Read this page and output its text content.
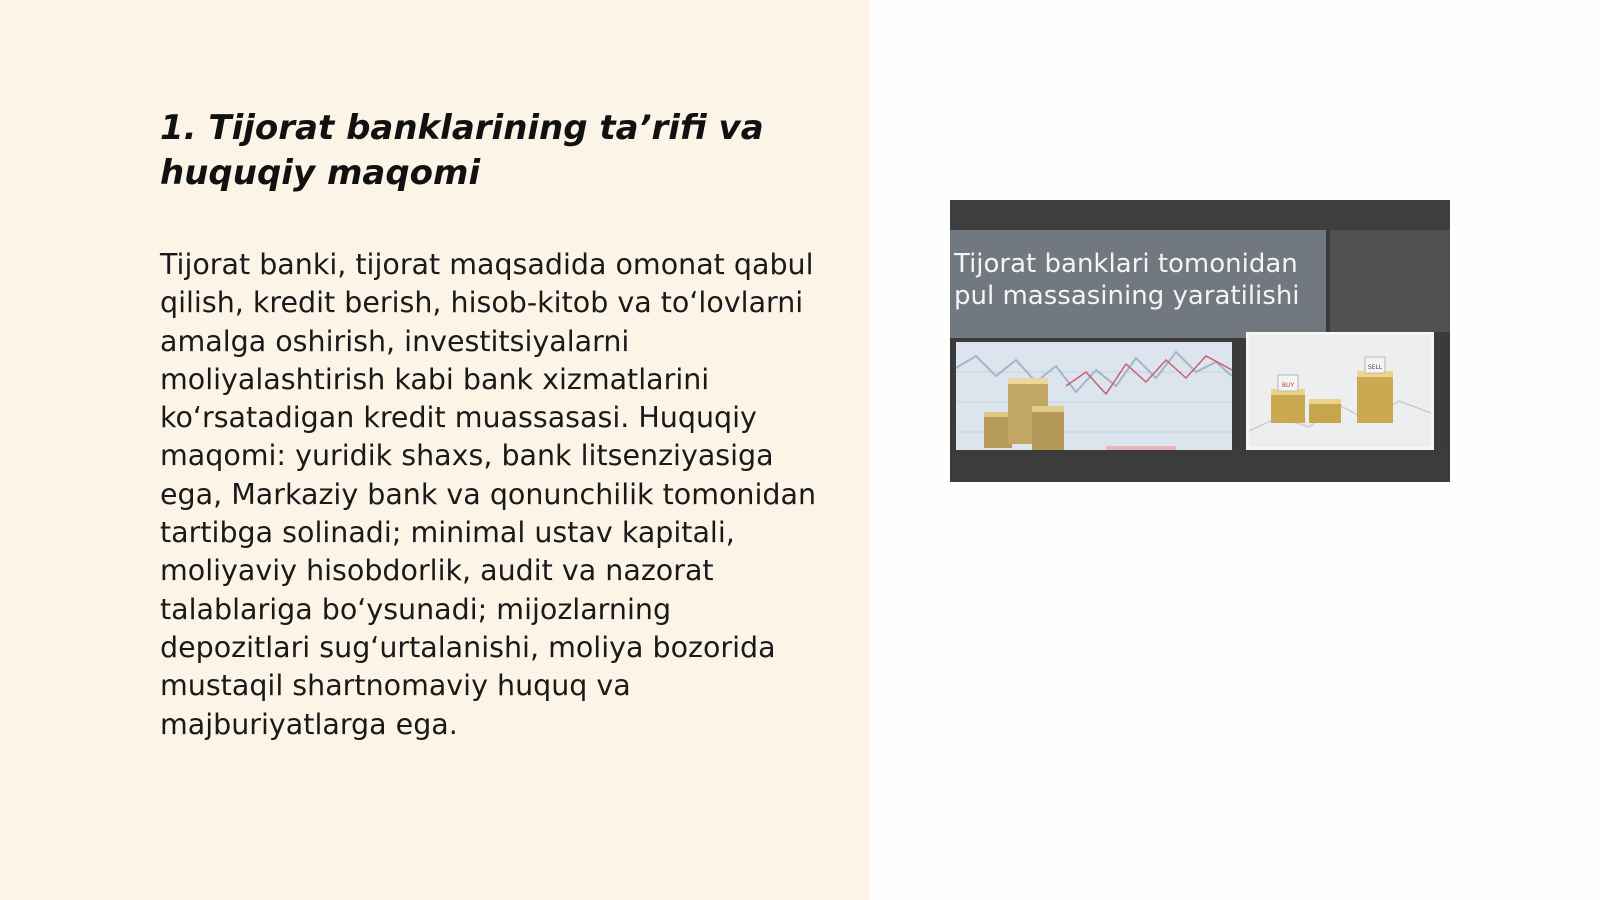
1. Tijorat banklarining ta’rifi va huquqiy maqomi

Tijorat banki, tijorat maqsadida omonat qabul qilish, kredit berish, hisob-kitob va to‘lovlarni amalga oshirish, investitsiyalarni moliyalashtirish kabi bank xizmatlarini ko‘rsatadigan kredit muassasasi. Huquqiy maqomi: yuridik shaxs, bank litsenziyasiga ega, Markaziy bank va qonunchilik tomonidan tartibga solinadi; minimal ustav kapitali, moliyaviy hisobdorlik, audit va nazorat talablariga bo‘ysunadi; mijozlarning depozitlari sug‘urtalanishi, moliya bozorida mustaqil shartnomaviy huquq va majburiyatlarga ega.

Tijorat banklari tomonidan pul massasining yaratilishi
BUY
SELL
